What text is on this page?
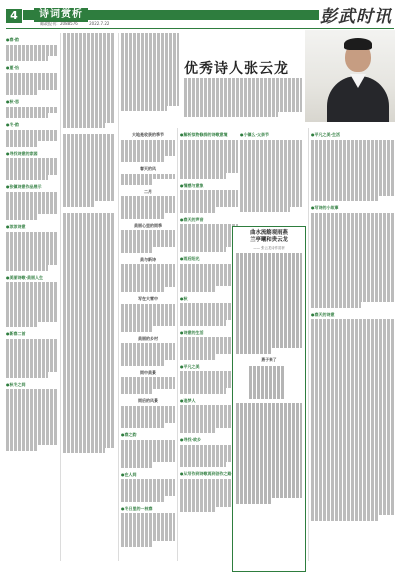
4	诗词赏析
邮政报刊：2088576	2022.7.22	彭武时讯
●春·韵
●夏·怡
●秋·思
●冬·韵
●寻找诗意的家园
●张镇诗意作品展示
●浓浓诗意
●美丽诗歌·美丽人生
●新春二首
●秋冬之间
优秀诗人张云龙
大地是收获的季节
春天的风
二月
美丽心里的雨季
美与新诗
写在大雪中
美丽的乡村
雨中美景
雨后的风景
●春之韵
●在人间
●冬日里的一枝春
●解析拟物修辞的诗歌意境
●情感与意象
●春天的声音
●雨后阳光
●秋
●诗意的生活
●平凡之美
●追梦人
●寻找·故乡
●从写作到诗歌再到创作之路
●小镇么·父亲节
曲水流觞观雨燕
兰亭曦和贵云龙
—— 张云龙诗作赏析
燕子来了
●平凡之美·生活
●写诗的小故事
●春天的诗意
